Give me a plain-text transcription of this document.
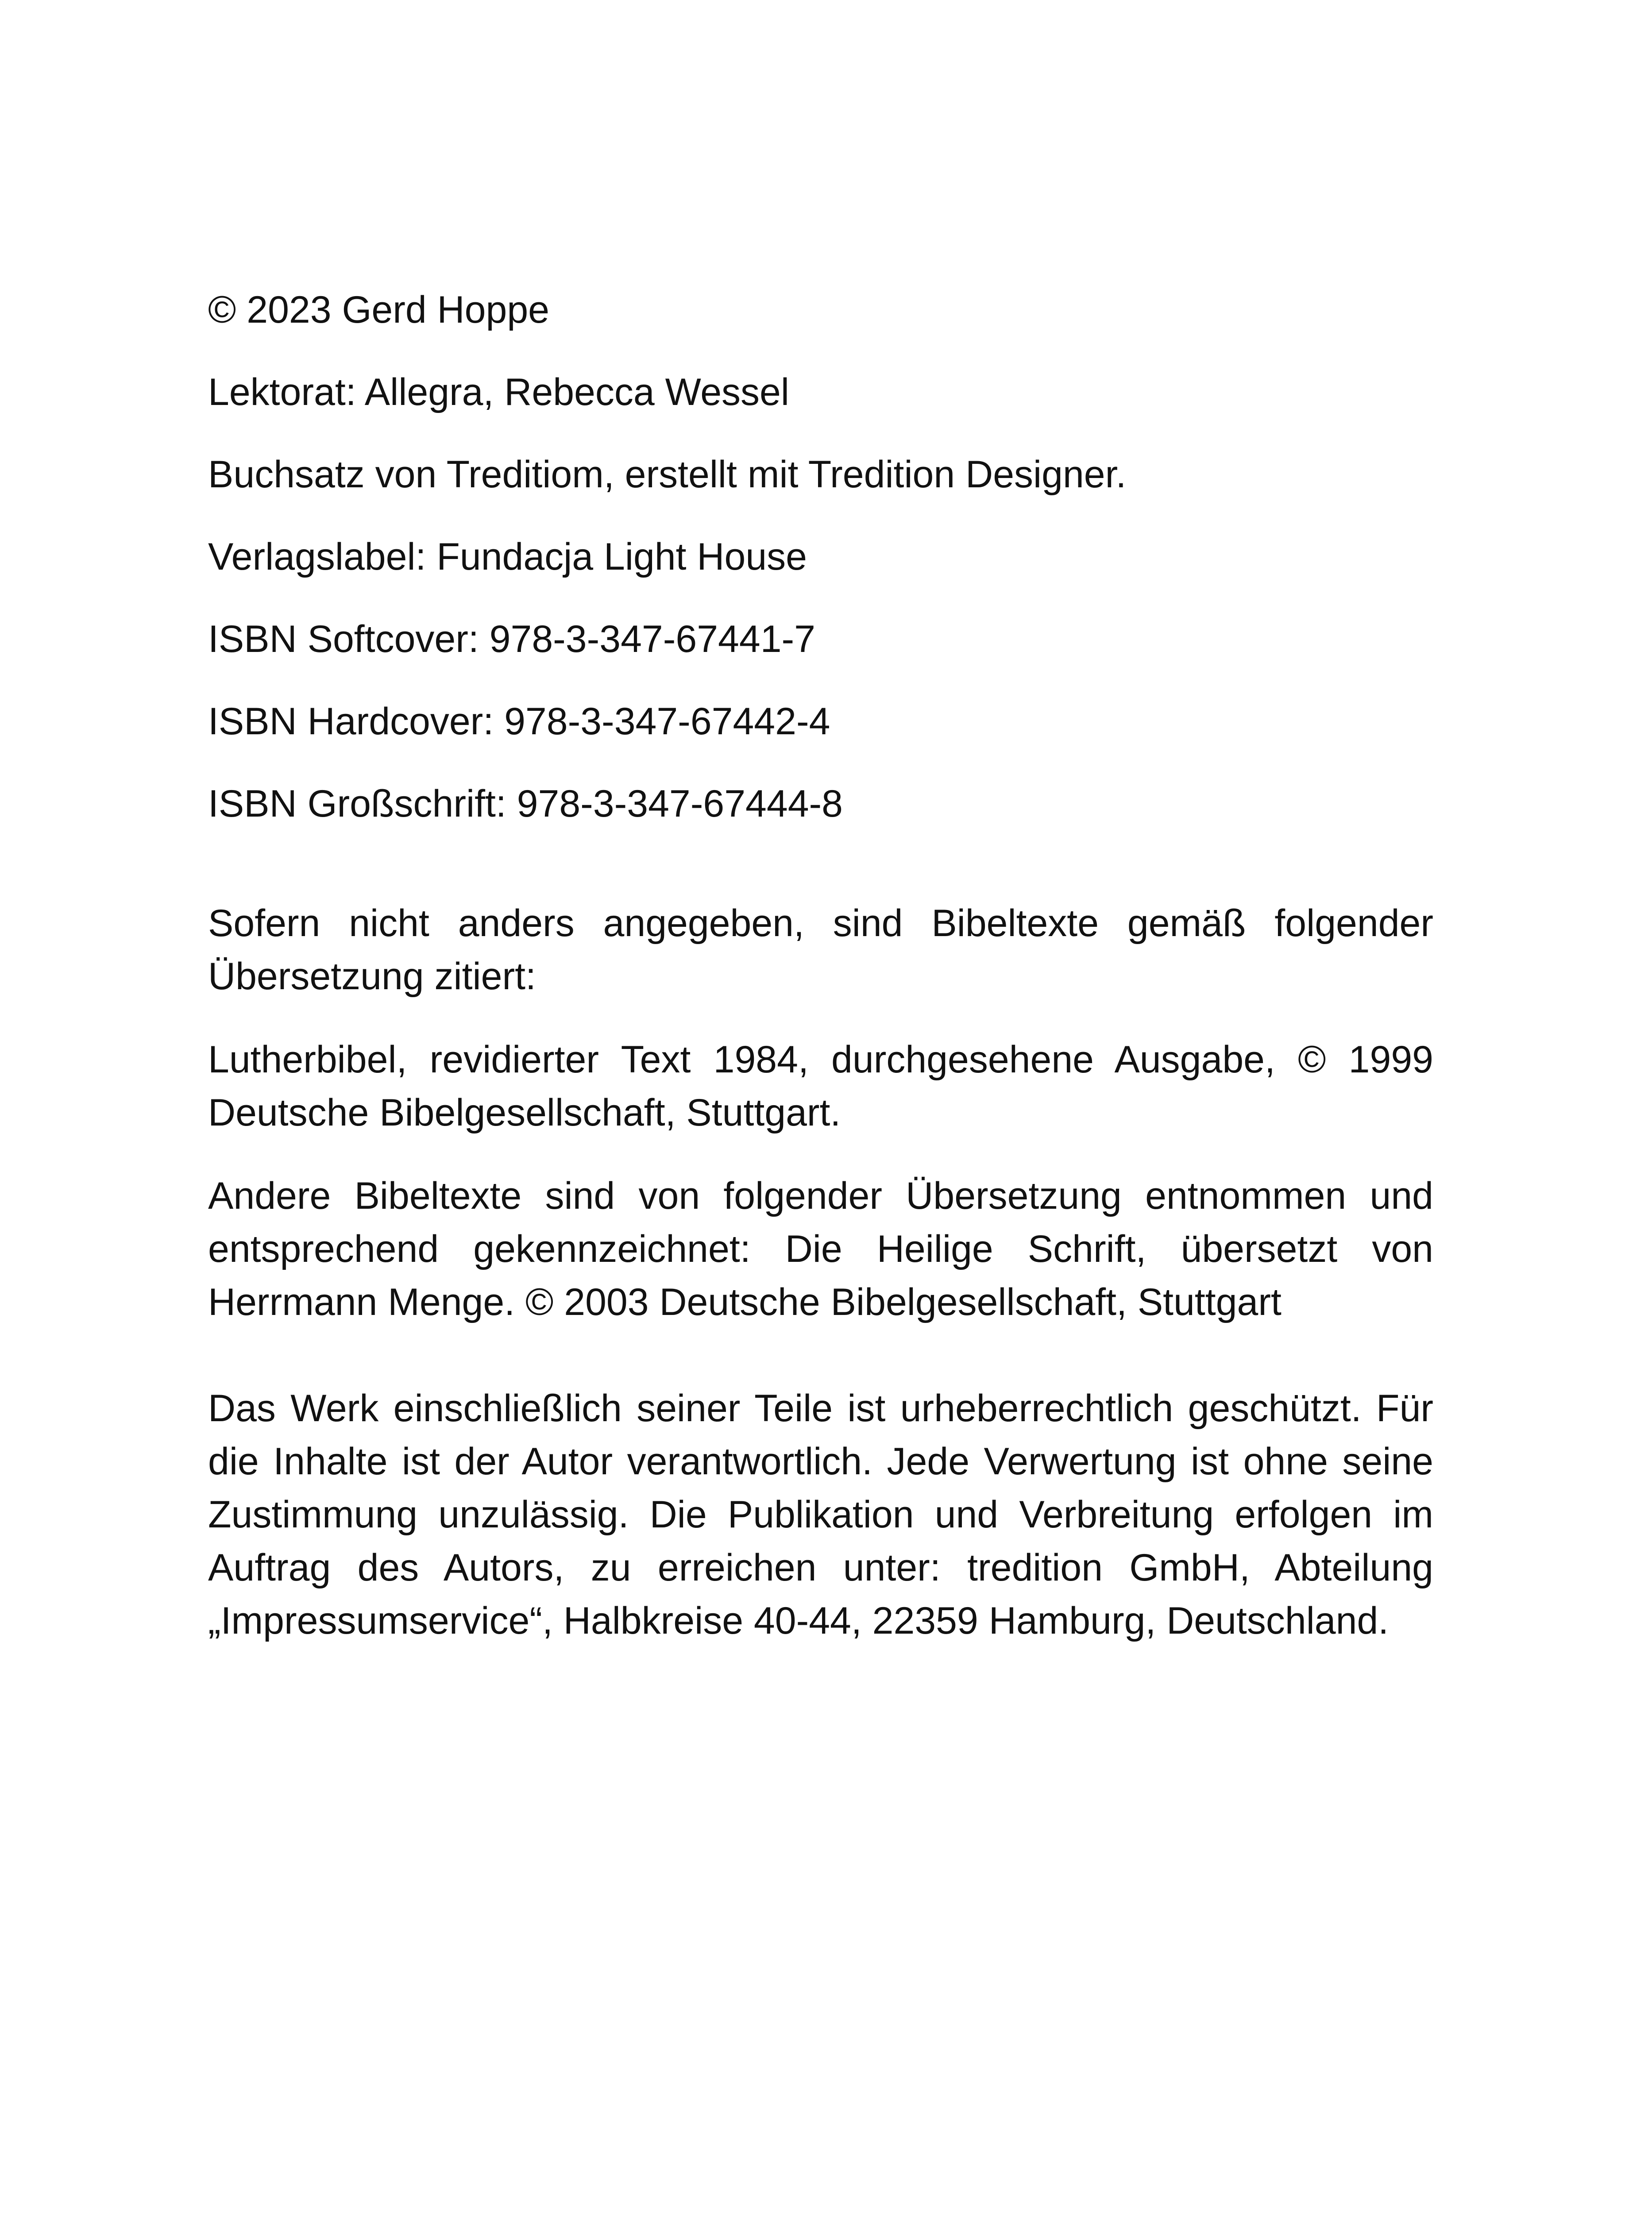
© 2023 Gerd Hoppe

Lektorat: Allegra, Rebecca Wessel

Buchsatz von Treditiom, erstellt mit Tredition Designer.

Verlagslabel: Fundacja Light House

ISBN Softcover: 978-3-347-67441-7

ISBN Hardcover: 978-3-347-67442-4

ISBN Großschrift: 978-3-347-67444-8

Sofern nicht anders angegeben, sind Bibeltexte gemäß folgender Übersetzung zitiert:

Lutherbibel, revidierter Text 1984, durchgesehene Ausgabe, © 1999 Deutsche Bibelgesellschaft, Stuttgart.

Andere Bibeltexte sind von folgender Übersetzung entnommen und entsprechend gekennzeichnet: Die Heilige Schrift, übersetzt von Herrmann Menge. © 2003 Deutsche Bibelgesellschaft, Stuttgart

Das Werk einschließlich seiner Teile ist urheberrechtlich geschützt. Für die Inhalte ist der Autor verantwortlich. Jede Verwertung ist ohne seine Zustimmung unzulässig. Die Publikation und Verbreitung erfolgen im Auftrag des Autors, zu erreichen unter: tredition GmbH, Abteilung „Impressumservice“, Halbkreise 40-44, 22359 Hamburg, Deutschland.
